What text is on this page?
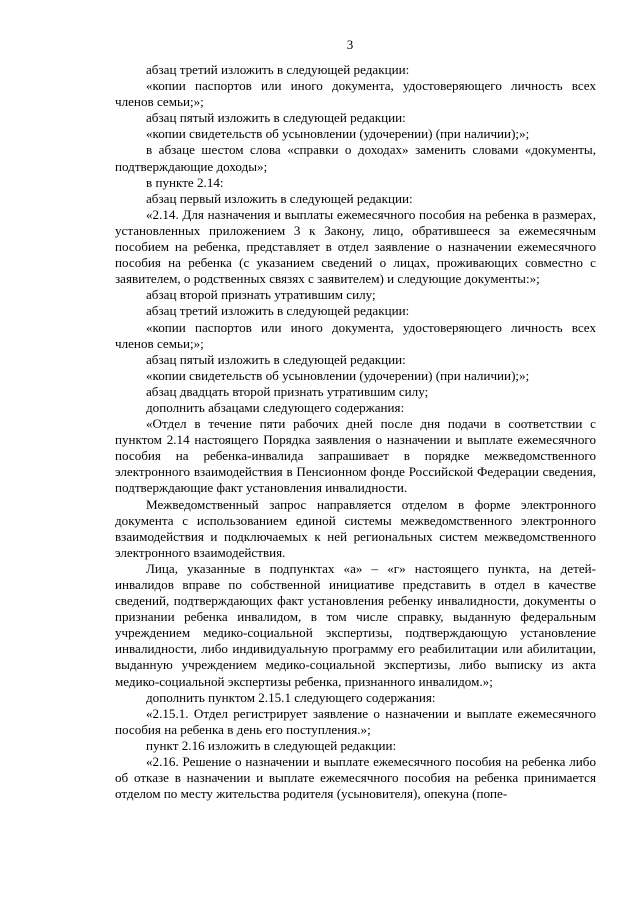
3

абзац третий изложить в следующей редакции:

«копии паспортов или иного документа, удостоверяющего личность всех членов семьи;»;

абзац пятый изложить в следующей редакции:

«копии свидетельств об усыновлении (удочерении) (при наличии);»;

в абзаце шестом слова «справки о доходах» заменить словами «документы, подтверждающие доходы»;

в пункте 2.14:

абзац первый изложить в следующей редакции:

«2.14. Для назначения и выплаты ежемесячного пособия на ребенка в размерах, установленных приложением 3 к Закону, лицо, обратившееся за ежемесячным пособием на ребенка, представляет в отдел заявление о назначении ежемесячного пособия на ребенка (с указанием сведений о лицах, проживающих совместно с заявителем, о родственных связях с заявителем) и следующие документы:»;

абзац второй признать утратившим силу;

абзац третий изложить в следующей редакции:

«копии паспортов или иного документа, удостоверяющего личность всех членов семьи;»;

абзац пятый изложить в следующей редакции:

«копии свидетельств об усыновлении (удочерении) (при наличии);»;

абзац двадцать второй признать утратившим силу;

дополнить абзацами следующего содержания:

«Отдел в течение пяти рабочих дней после дня подачи в соответствии с пунктом 2.14 настоящего Порядка заявления о назначении и выплате ежемесячного пособия на ребенка-инвалида запрашивает в порядке межведомственного электронного взаимодействия в Пенсионном фонде Российской Федерации сведения, подтверждающие факт установления инвалидности.

Межведомственный запрос направляется отделом в форме электронного документа с использованием единой системы межведомственного электронного взаимодействия и подключаемых к ней региональных систем межведомственного электронного взаимодействия.

Лица, указанные в подпунктах «а» – «г» настоящего пункта, на детей-инвалидов вправе по собственной инициативе представить в отдел в качестве сведений, подтверждающих факт установления ребенку инвалидности, документы о признании ребенка инвалидом, в том числе справку, выданную федеральным учреждением медико-социальной экспертизы, подтверждающую установление инвалидности, либо индивидуальную программу его реабилитации или абилитации, выданную учреждением медико-социальной экспертизы, либо выписку из акта медико-социальной экспертизы ребенка, признанного инвалидом.»;

дополнить пунктом 2.15.1 следующего содержания:

«2.15.1. Отдел регистрирует заявление о назначении и выплате ежемесячного пособия на ребенка в день его поступления.»;

пункт 2.16 изложить в следующей редакции:

«2.16. Решение о назначении и выплате ежемесячного пособия на ребенка либо об отказе в назначении и выплате ежемесячного пособия на ребенка принимается отделом по месту жительства родителя (усыновителя), опекуна (попе-
